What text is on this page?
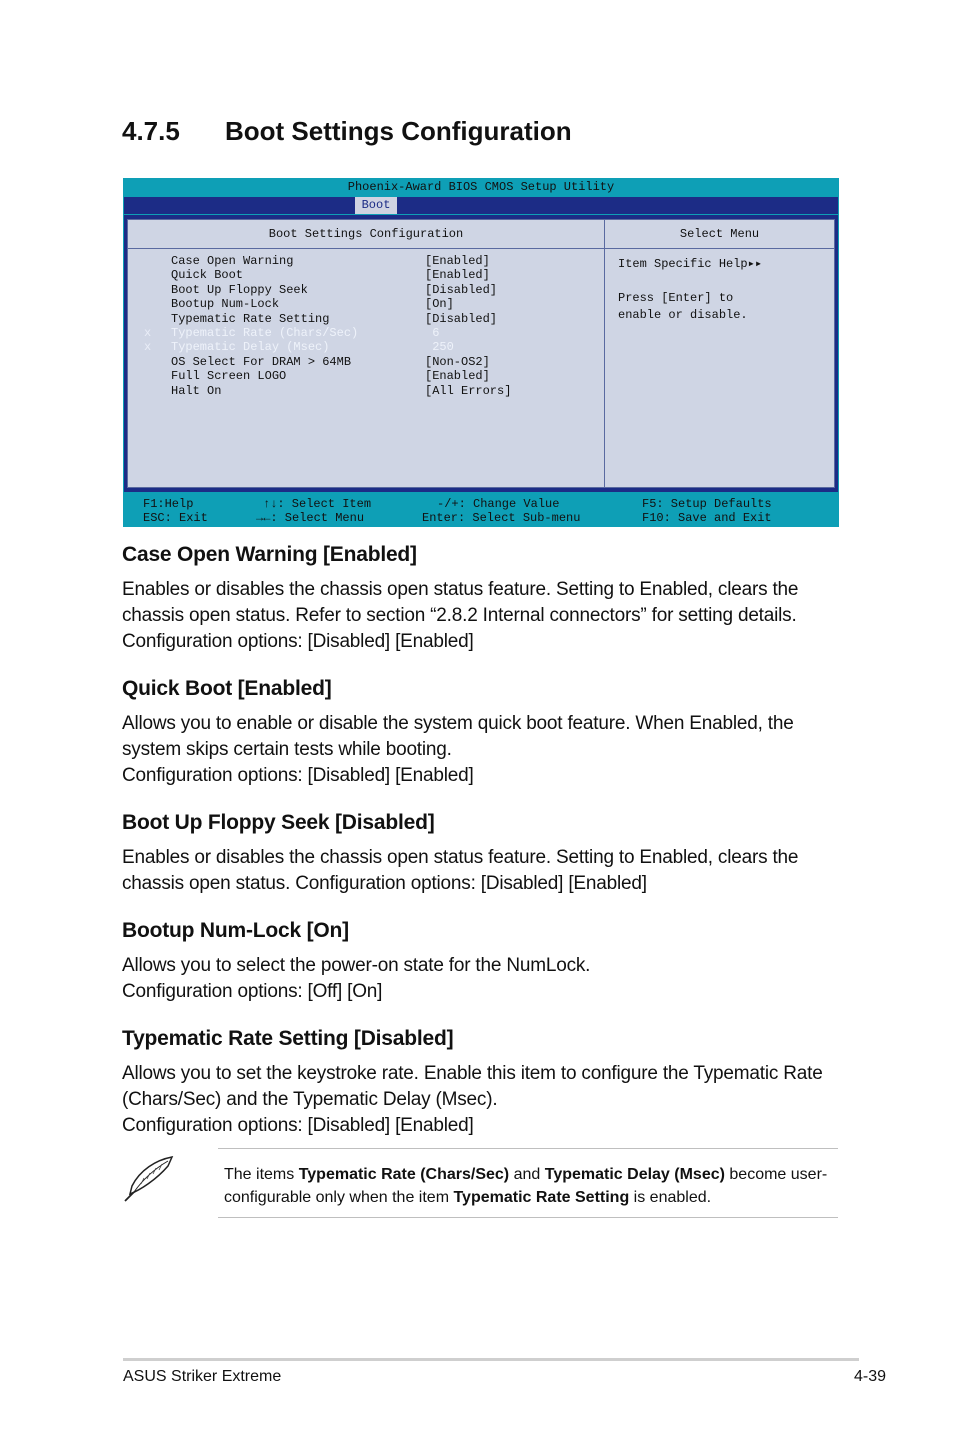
4.7.5 Boot Settings Configuration
Phoenix-Award BIOS CMOS Setup Utility
Boot
Boot Settings Configuration	Select Menu
Case Open Warning	[Enabled]
Quick Boot	[Enabled]
Boot Up Floppy Seek	[Disabled]
Bootup Num-Lock	[On]
Typematic Rate Setting	[Disabled]
x Typematic Rate (Chars/Sec)	6
x Typematic Delay (Msec)	250
OS Select For DRAM > 64MB	[Non-OS2]
Full Screen LOGO	[Enabled]
Halt On	[All Errors]
Item Specific Help▸▸

Press [Enter] to
enable or disable.
F1:Help
ESC: Exit
↑↓: Select Item
→←: Select Menu
-/+: Change Value
Enter: Select Sub-menu
F5: Setup Defaults
F10: Save and Exit
Case Open Warning [Enabled]

Enables or disables the chassis open status feature. Setting to Enabled, clears the chassis open status. Refer to section “2.8.2 Internal connectors” for setting details. Configuration options: [Disabled] [Enabled]

Quick Boot [Enabled]

Allows you to enable or disable the system quick boot feature. When Enabled, the system skips certain tests while booting.

Configuration options: [Disabled] [Enabled]

Boot Up Floppy Seek [Disabled]

Enables or disables the chassis open status feature. Setting to Enabled, clears the chassis open status. Configuration options: [Disabled] [Enabled]

Bootup Num-Lock [On]

Allows you to select the power-on state for the NumLock.

Configuration options: [Off] [On]

Typematic Rate Setting [Disabled]

Allows you to set the keystroke rate. Enable this item to configure the Typematic Rate (Chars/Sec) and the Typematic Delay (Msec).

Configuration options: [Disabled] [Enabled]

The items Typematic Rate (Chars/Sec) and Typematic Delay (Msec) become user-configurable only when the item Typematic Rate Setting is enabled.
ASUS Striker Extreme	4-39
